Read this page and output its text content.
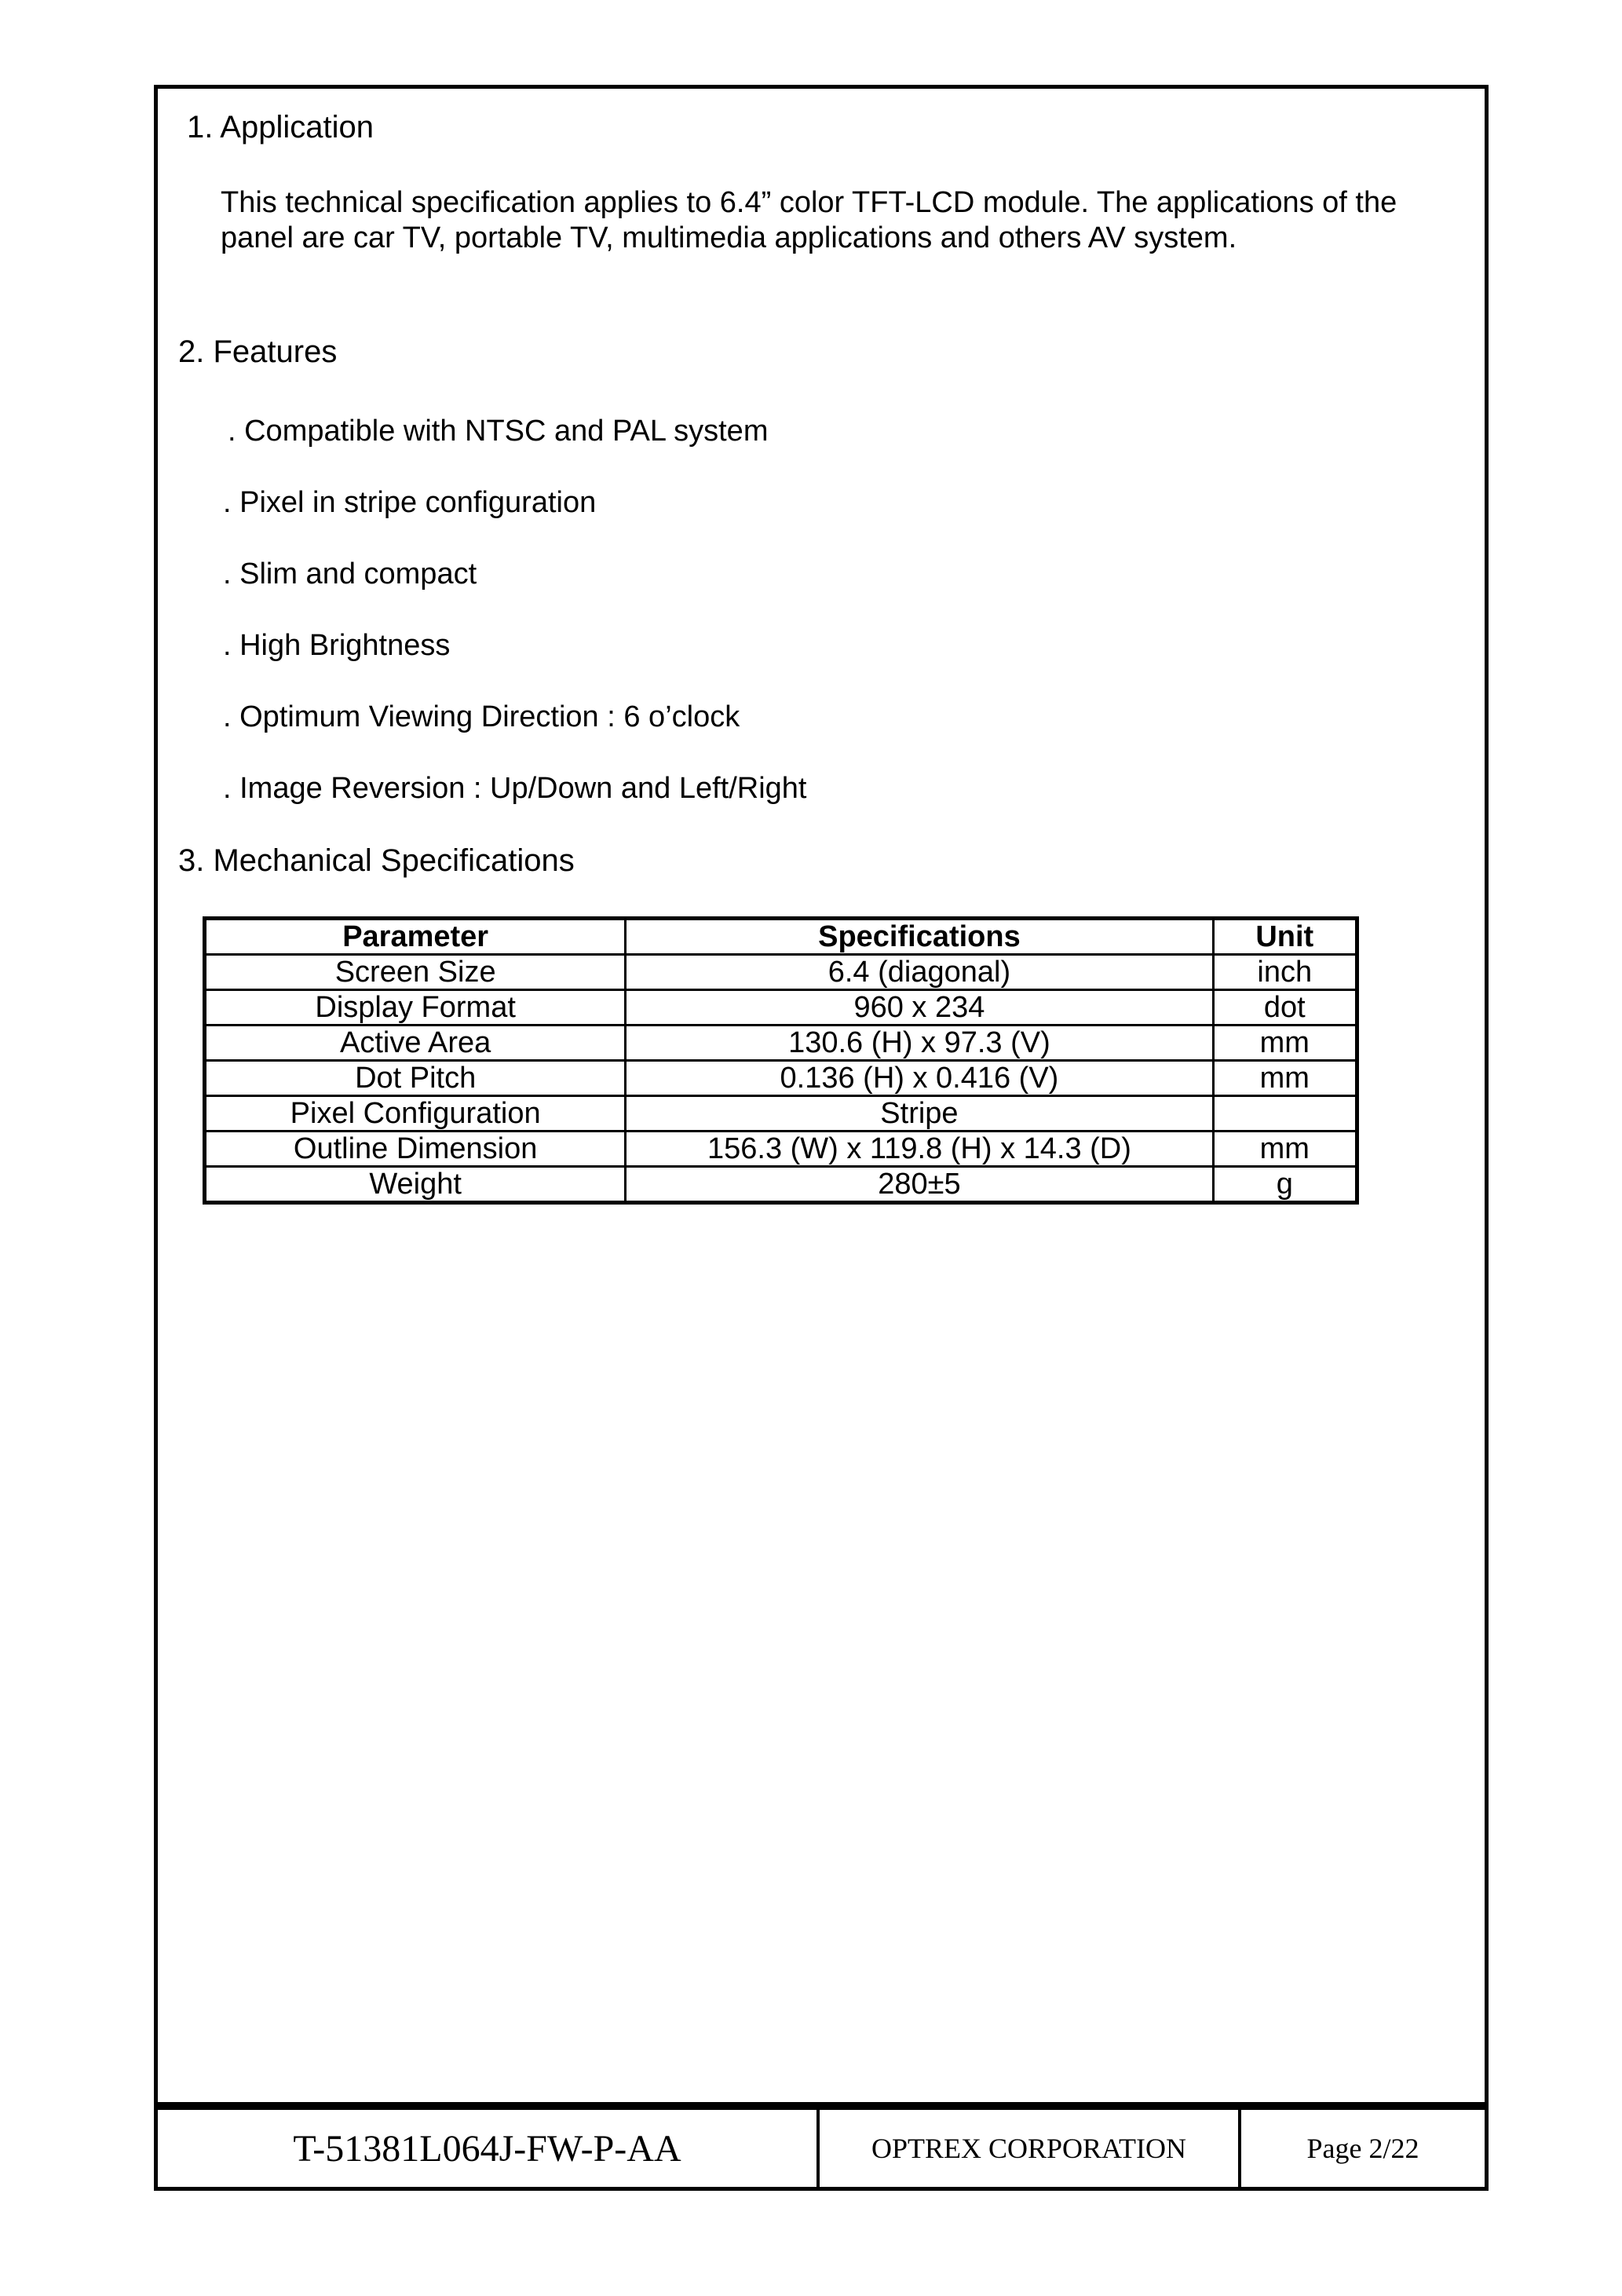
1. Application
This technical specification applies to 6.4” color TFT-LCD module. The applications of the panel are car TV, portable TV, multimedia applications and others AV system.
2. Features
. Compatible with NTSC and PAL system
. Pixel in stripe configuration
. Slim and compact
. High Brightness
. Optimum Viewing Direction : 6 o’clock
. Image Reversion : Up/Down and Left/Right
3. Mechanical Specifications
Parameter	Specifications	Unit
Screen Size	6.4 (diagonal)	inch
Display Format	960 x 234	dot
Active Area	130.6 (H) x 97.3 (V)	mm
Dot Pitch	0.136 (H) x 0.416 (V)	mm
Pixel Configuration	Stripe	
Outline Dimension	156.3 (W) x 119.8 (H) x 14.3 (D)	mm
Weight	280±5	g
T-51381L064J-FW-P-AA	OPTREX CORPORATION	Page 2/22
